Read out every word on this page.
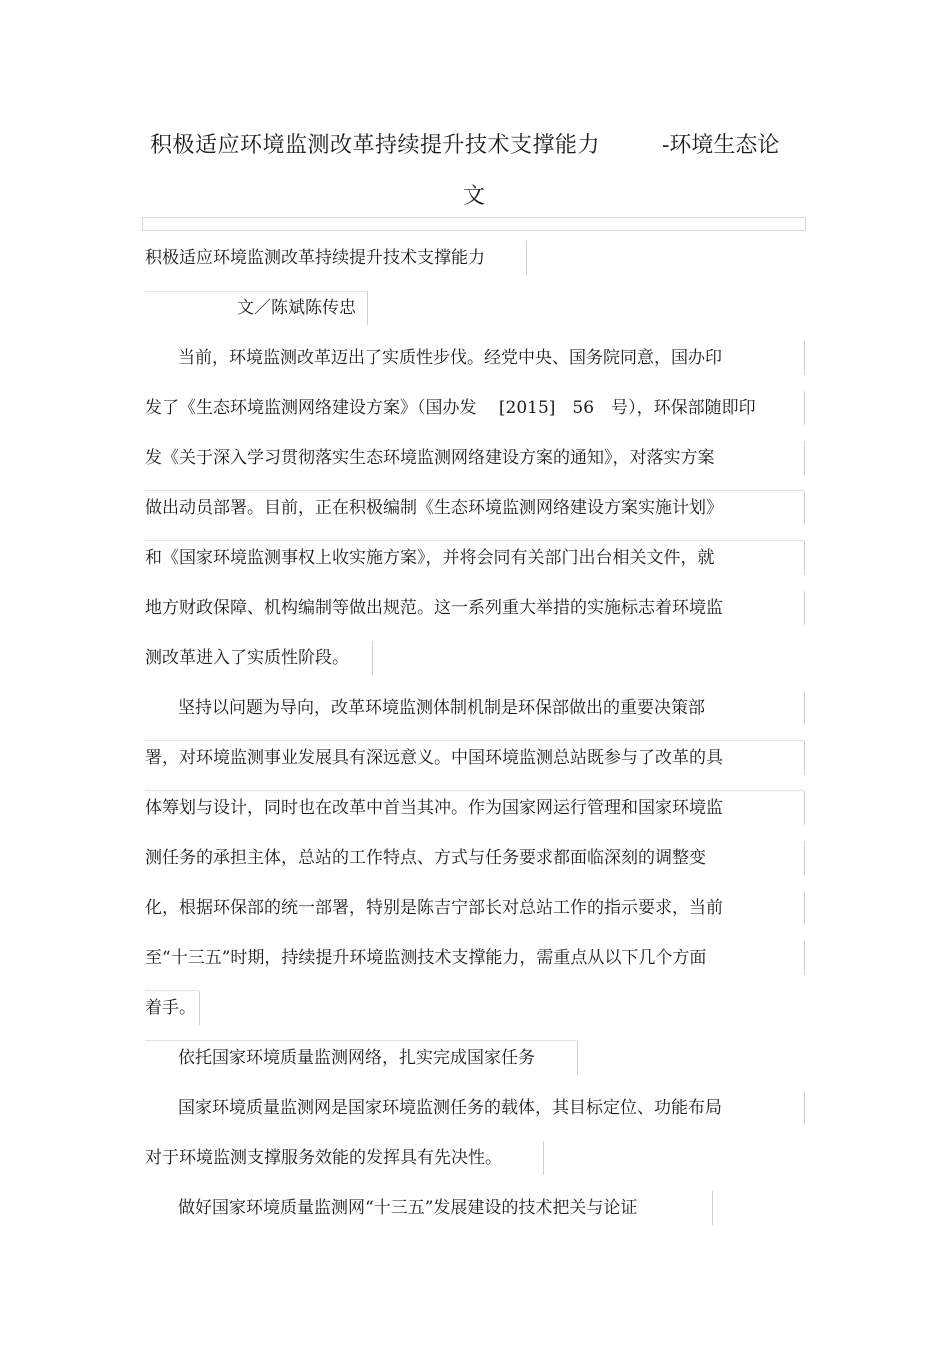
积极适应环境监测改革持续提升技术支撑能力	-环境生态论
文
积极适应环境监测改革持续提升技术支撑能力
文／陈斌陈传忠
当前，环境监测改革迈出了实质性步伐。经党中央、国务院同意，国办印
发了《生态环境监测网络建设方案》（国办发　 [2015]　56　号），环保部随即印
发《关于深入学习贯彻落实生态环境监测网络建设方案的通知》，对落实方案
做出动员部署。目前，正在积极编制《生态环境监测网络建设方案实施计划》
和《国家环境监测事权上收实施方案》，并将会同有关部门出台相关文件，就
地方财政保障、机构编制等做出规范。这一系列重大举措的实施标志着环境监
测改革进入了实质性阶段。
坚持以问题为导向，改革环境监测体制机制是环保部做出的重要决策部
署，对环境监测事业发展具有深远意义。中国环境监测总站既参与了改革的具
体筹划与设计，同时也在改革中首当其冲。作为国家网运行管理和国家环境监
测任务的承担主体，总站的工作特点、方式与任务要求都面临深刻的调整变
化，根据环保部的统一部署，特别是陈吉宁部长对总站工作的指示要求，当前
至“十三五”时期，持续提升环境监测技术支撑能力，需重点从以下几个方面
着手。
依托国家环境质量监测网络，扎实完成国家任务
国家环境质量监测网是国家环境监测任务的载体，其目标定位、功能布局
对于环境监测支撑服务效能的发挥具有先决性。
做好国家环境质量监测网“十三五”发展建设的技术把关与论证
